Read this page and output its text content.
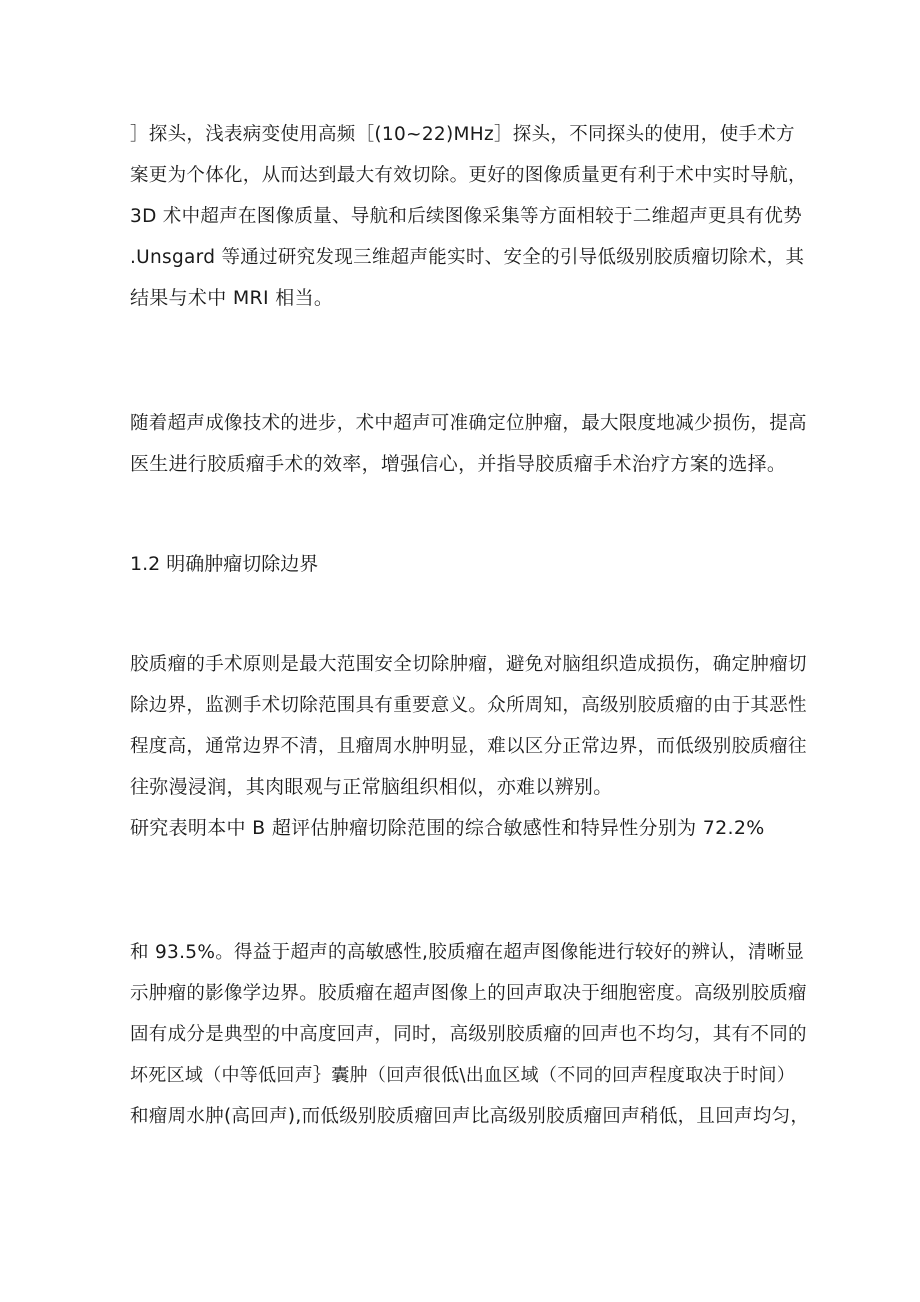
］探头，浅表病变使用高频［(10~22)MHz］探头，不同探头的使用，使手术方
案更为个体化，从而达到最大有效切除。更好的图像质量更有利于术中实时导航，
3D 术中超声在图像质量、导航和后续图像采集等方面相较于二维超声更具有优势
.Unsgard 等通过研究发现三维超声能实时、安全的引导低级别胶质瘤切除术，其
结果与术中 MRI 相当。

随着超声成像技术的进步，术中超声可准确定位肿瘤，最大限度地减少损伤，提高
医生进行胶质瘤手术的效率，增强信心，并指导胶质瘤手术治疗方案的选择。

1.2 明确肿瘤切除边界

胶质瘤的手术原则是最大范围安全切除肿瘤，避免对脑组织造成损伤，确定肿瘤切
除边界，监测手术切除范围具有重要意义。众所周知，高级别胶质瘤的由于其恶性
程度高，通常边界不清，且瘤周水肿明显，难以区分正常边界，而低级别胶质瘤往
往弥漫浸润，其肉眼观与正常脑组织相似，亦难以辨别。

研究表明本中 B 超评估肿瘤切除范围的综合敏感性和特异性分别为 72.2%

和 93.5%。得益于超声的高敏感性,胶质瘤在超声图像能进行较好的辨认，清晰显
示肿瘤的影像学边界。胶质瘤在超声图像上的回声取决于细胞密度。高级别胶质瘤
固有成分是典型的中高度回声，同时，高级别胶质瘤的回声也不均匀，其有不同的
坏死区域（中等低回声｝囊肿（回声很低\出血区域（不同的回声程度取决于时间）
和瘤周水肿(高回声),而低级别胶质瘤回声比高级别胶质瘤回声稍低，且回声均匀，
